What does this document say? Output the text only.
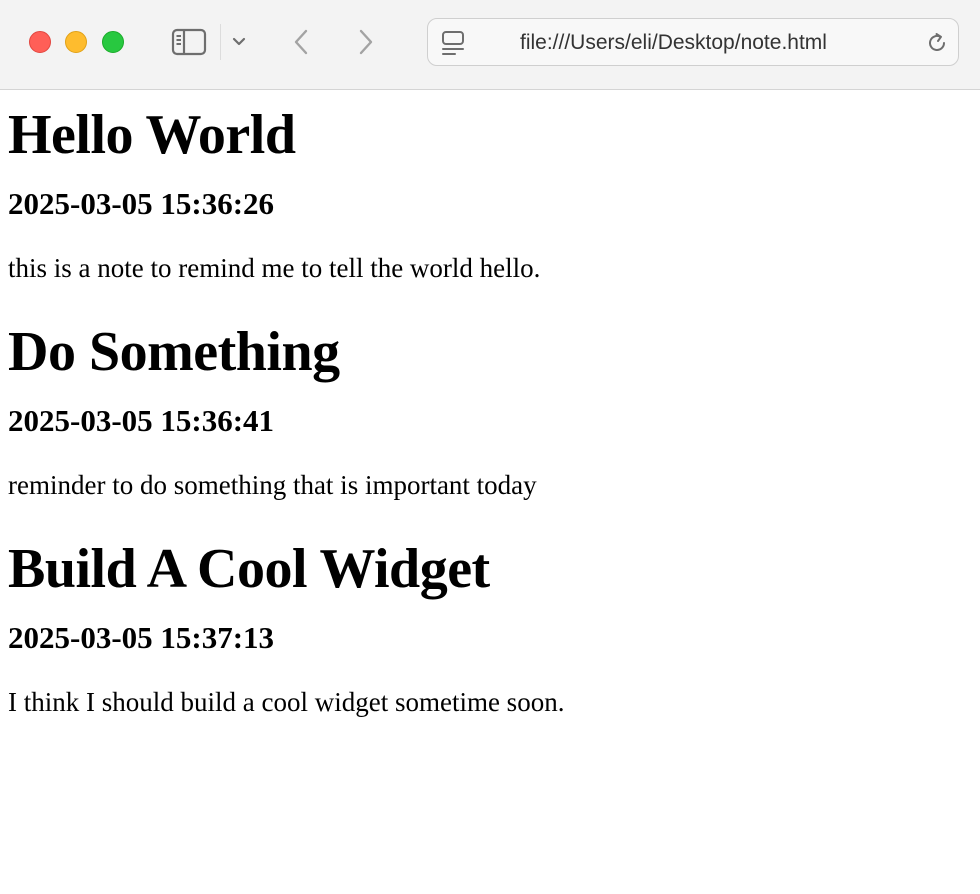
file:///Users/eli/Desktop/note.html
Hello World
2025-03-05 15:36:26

this is a note to remind me to tell the world hello.

Do Something
2025-03-05 15:36:41

reminder to do something that is important today

Build A Cool Widget
2025-03-05 15:37:13

I think I should build a cool widget sometime soon.
